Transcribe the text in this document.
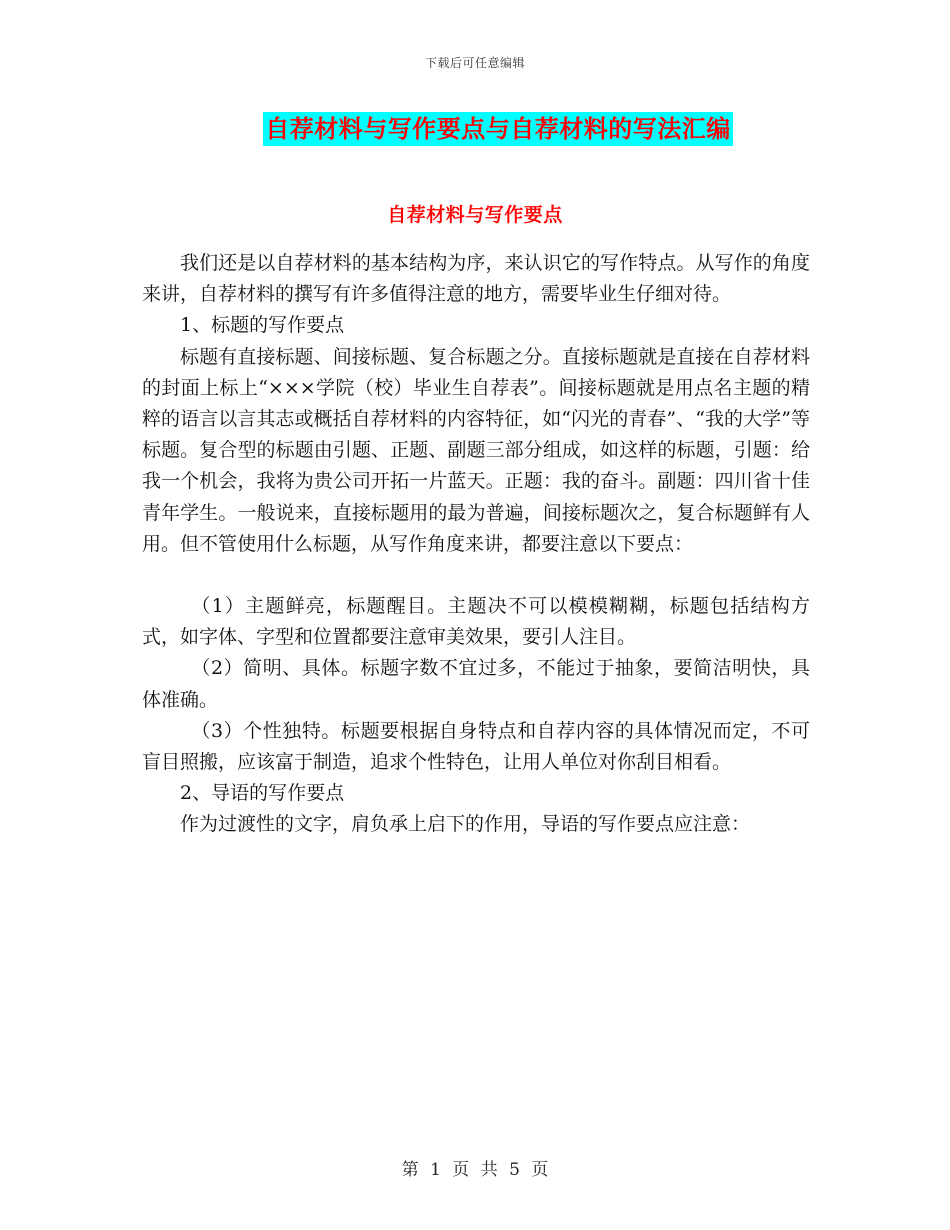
下载后可任意编辑
自荐材料与写作要点与自荐材料的写法汇编
自荐材料与写作要点

我们还是以自荐材料的基本结构为序，来认识它的写作特点。从写作的角度来讲，自荐材料的撰写有许多值得注意的地方，需要毕业生仔细对待。

1、标题的写作要点

标题有直接标题、间接标题、复合标题之分。直接标题就是直接在自荐材料的封面上标上“×××学院（校）毕业生自荐表”。间接标题就是用点名主题的精粹的语言以言其志或概括自荐材料的内容特征，如“闪光的青春”、“我的大学”等标题。复合型的标题由引题、正题、副题三部分组成，如这样的标题，引题：给我一个机会，我将为贵公司开拓一片蓝天。正题：我的奋斗。副题：四川省十佳青年学生。一般说来，直接标题用的最为普遍，间接标题次之，复合标题鲜有人用。但不管使用什么标题，从写作角度来讲，都要注意以下要点：

（1）主题鲜亮，标题醒目。主题决不可以模模糊糊，标题包括结构方式，如字体、字型和位置都要注意审美效果，要引人注目。

（2）简明、具体。标题字数不宜过多，不能过于抽象，要简洁明快，具体准确。

（3）个性独特。标题要根据自身特点和自荐内容的具体情况而定，不可盲目照搬，应该富于制造，追求个性特色，让用人单位对你刮目相看。

2、导语的写作要点

作为过渡性的文字，肩负承上启下的作用，导语的写作要点应注意：

第 1 页 共 5 页
